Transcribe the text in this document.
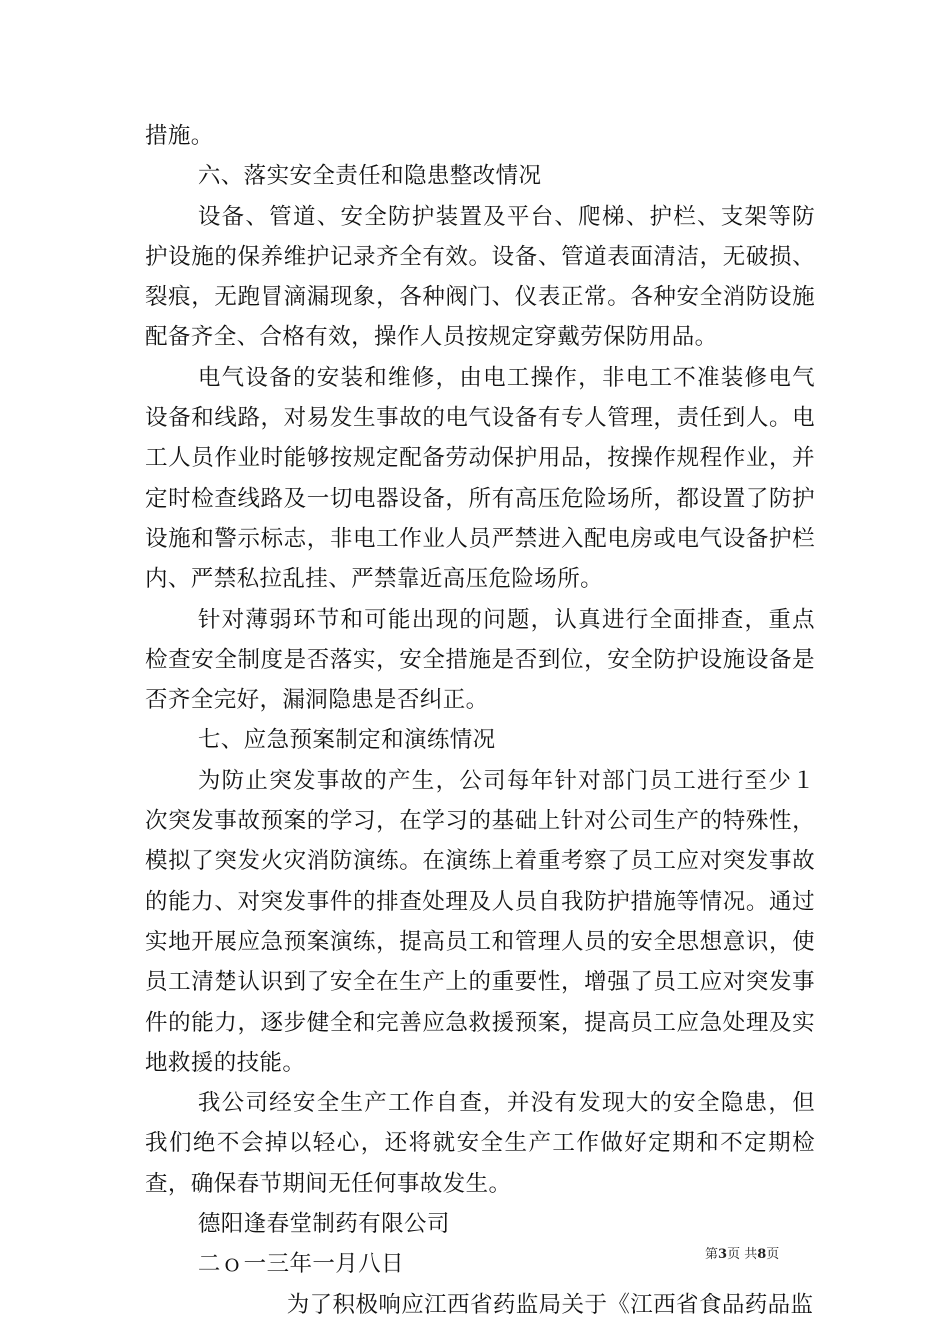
措施。

六、落实安全责任和隐患整改情况

设备、管道、安全防护装置及平台、爬梯、护栏、支架等防护设施的保养维护记录齐全有效。设备、管道表面清洁，无破损、裂痕，无跑冒滴漏现象，各种阀门、仪表正常。各种安全消防设施配备齐全、合格有效，操作人员按规定穿戴劳保防用品。

电气设备的安装和维修，由电工操作，非电工不准装修电气设备和线路，对易发生事故的电气设备有专人管理，责任到人。电工人员作业时能够按规定配备劳动保护用品，按操作规程作业，并定时检查线路及一切电器设备，所有高压危险场所，都设置了防护设施和警示标志，非电工作业人员严禁进入配电房或电气设备护栏内、严禁私拉乱挂、严禁靠近高压危险场所。

针对薄弱环节和可能出现的问题，认真进行全面排查，重点检查安全制度是否落实，安全措施是否到位，安全防护设施设备是否齐全完好，漏洞隐患是否纠正。

七、应急预案制定和演练情况

为防止突发事故的产生，公司每年针对部门员工进行至少１次突发事故预案的学习，在学习的基础上针对公司生产的特殊性，模拟了突发火灾消防演练。在演练上着重考察了员工应对突发事故的能力、对突发事件的排查处理及人员自我防护措施等情况。通过实地开展应急预案演练，提高员工和管理人员的安全思想意识，使员工清楚认识到了安全在生产上的重要性，增强了员工应对突发事件的能力，逐步健全和完善应急救援预案，提高员工应急处理及实地救援的技能。

我公司经安全生产工作自查，并没有发现大的安全隐患，但我们绝不会掉以轻心，还将就安全生产工作做好定期和不定期检查，确保春节期间无任何事故发生。

德阳逢春堂制药有限公司

二ｏ一三年一月八日

为了积极响应江西省药监局关于《江西省食品药品监

第3页 共8页
